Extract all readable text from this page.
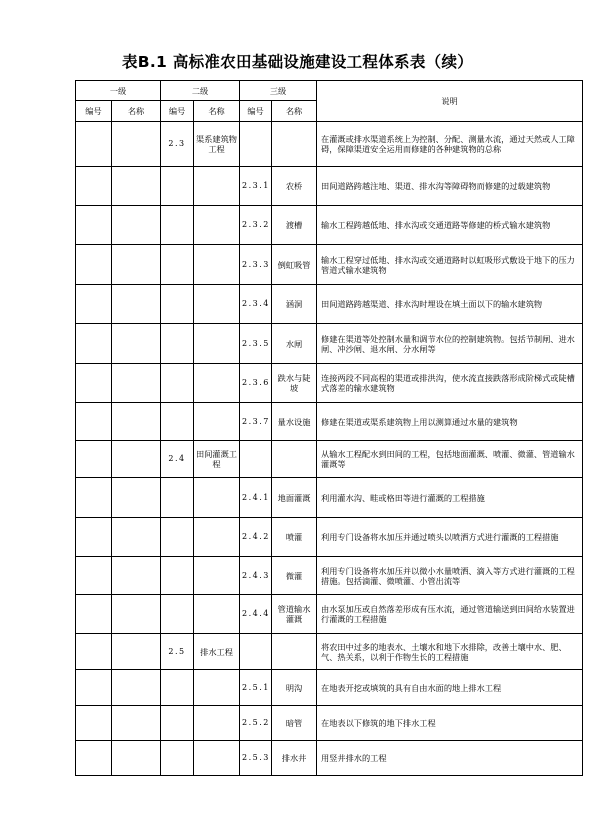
表B.1 高标准农田基础设施建设工程体系表（续）
一级		二级		三级		说明
编号	名称	编号	名称	编号	名称	
		2.3	渠系建筑物工程			在灌溉或排水渠道系统上为控制、分配、测量水流，通过天然或人工障碍，保障渠道安全运用而修建的各种建筑物的总称
				2.3.1	农桥	田间道路跨越注地、渠道、排水沟等障碍物而修建的过载建筑物
				2.3.2	渡槽	输水工程跨越低地、排水沟或交通道路等修建的桥式输水建筑物
				2.3.3	倒虹吸管	输水工程穿过低地、排水沟或交通道路时以虹吸形式敷设于地下的压力管道式输水建筑物
				2.3.4	涵洞	田间道路跨越渠道、排水沟时埋设在填土面以下的输水建筑物
				2.3.5	水闸	修建在渠道等处控制水量和调节水位的控制建筑物。包括节制闸、进水闸、冲沙闸、退水闸、分水闸等
				2.3.6	跌水与陡坡	连接两段不同高程的渠道或排洪沟，使水流直接跌落形成阶梯式或陡槽式落差的输水建筑物
				2.3.7	量水设施	修建在渠道或渠系建筑物上用以测算通过水量的建筑物
		2.4	田间灌溉工程			从输水工程配水到田间的工程，包括地面灌溉、喷灌、微灌、管道输水灌溉等
				2.4.1	地面灌溉	利用灌水沟、畦或格田等进行灌溉的工程措施
				2.4.2	喷灌	利用专门设备将水加压并通过喷头以喷洒方式进行灌溉的工程措施
				2.4.3	微灌	利用专门设备将水加压并以微小水量喷洒、滴入等方式进行灌溉的工程措施。包括滴灌、微喷灌、小管出流等
				2.4.4	管道输水灌溉	由水泵加压或自然落差形成有压水流，通过管道输送到田间给水装置进行灌溉的工程措施
		2.5	排水工程			将农田中过多的地表水、土壤水和地下水排除，改善土壤中水、肥、气、热关系，以利于作物生长的工程措施
				2.5.1	明沟	在地表开挖或填筑的具有自由水面的地上排水工程
				2.5.2	暗管	在地表以下修筑的地下排水工程
				2.5.3	排水井	用竖井排水的工程
